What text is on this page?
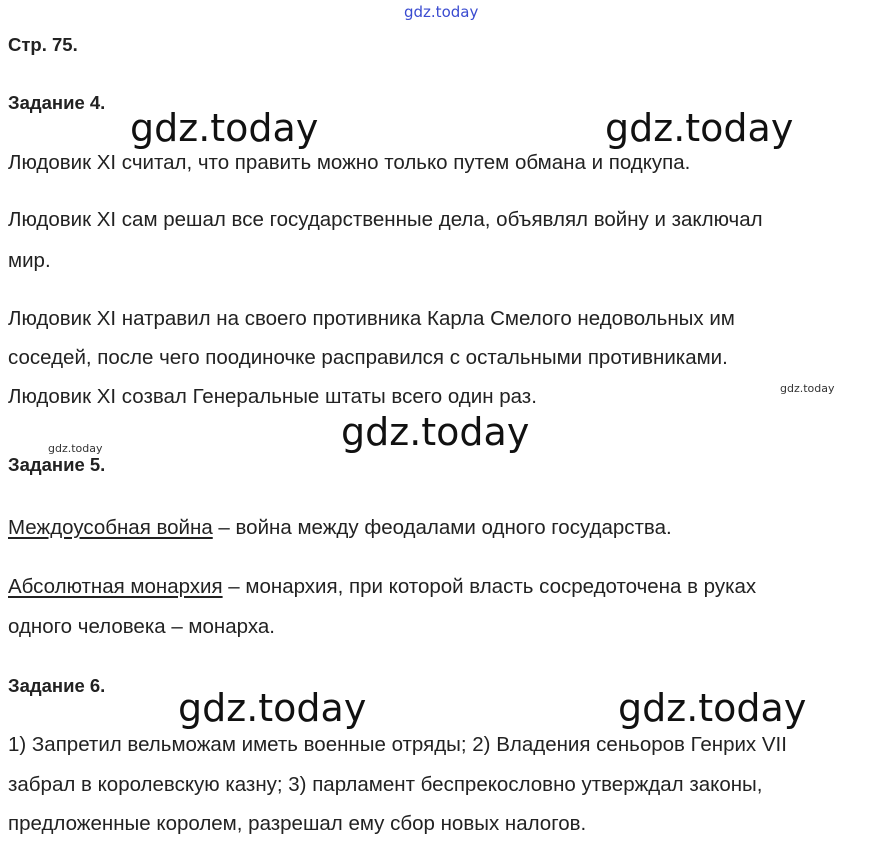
gdz.today
Стр. 75.
Задание 4.
gdz.today	gdz.today
Людовик XI считал, что править можно только путем обмана и подкупа.
Людовик XI сам решал все государственные дела, объявлял войну и заключал
мир.
Людовик XI натравил на своего противника Карла Смелого недовольных им
соседей, после чего поодиночке расправился с остальными противниками.
Людовик XI созвал Генеральные штаты всего один раз.	gdz.today
gdz.today
gdz.today
Задание 5.
Междоусобная война – война между феодалами одного государства.
Абсолютная монархия – монархия, при которой власть сосредоточена в руках
одного человека – монарха.
Задание 6.
gdz.today	gdz.today
1) Запретил вельможам иметь военные отряды; 2) Владения сеньоров Генрих VII
забрал в королевскую казну; 3) парламент беспрекословно утверждал законы,
предложенные королем, разрешал ему сбор новых налогов.
